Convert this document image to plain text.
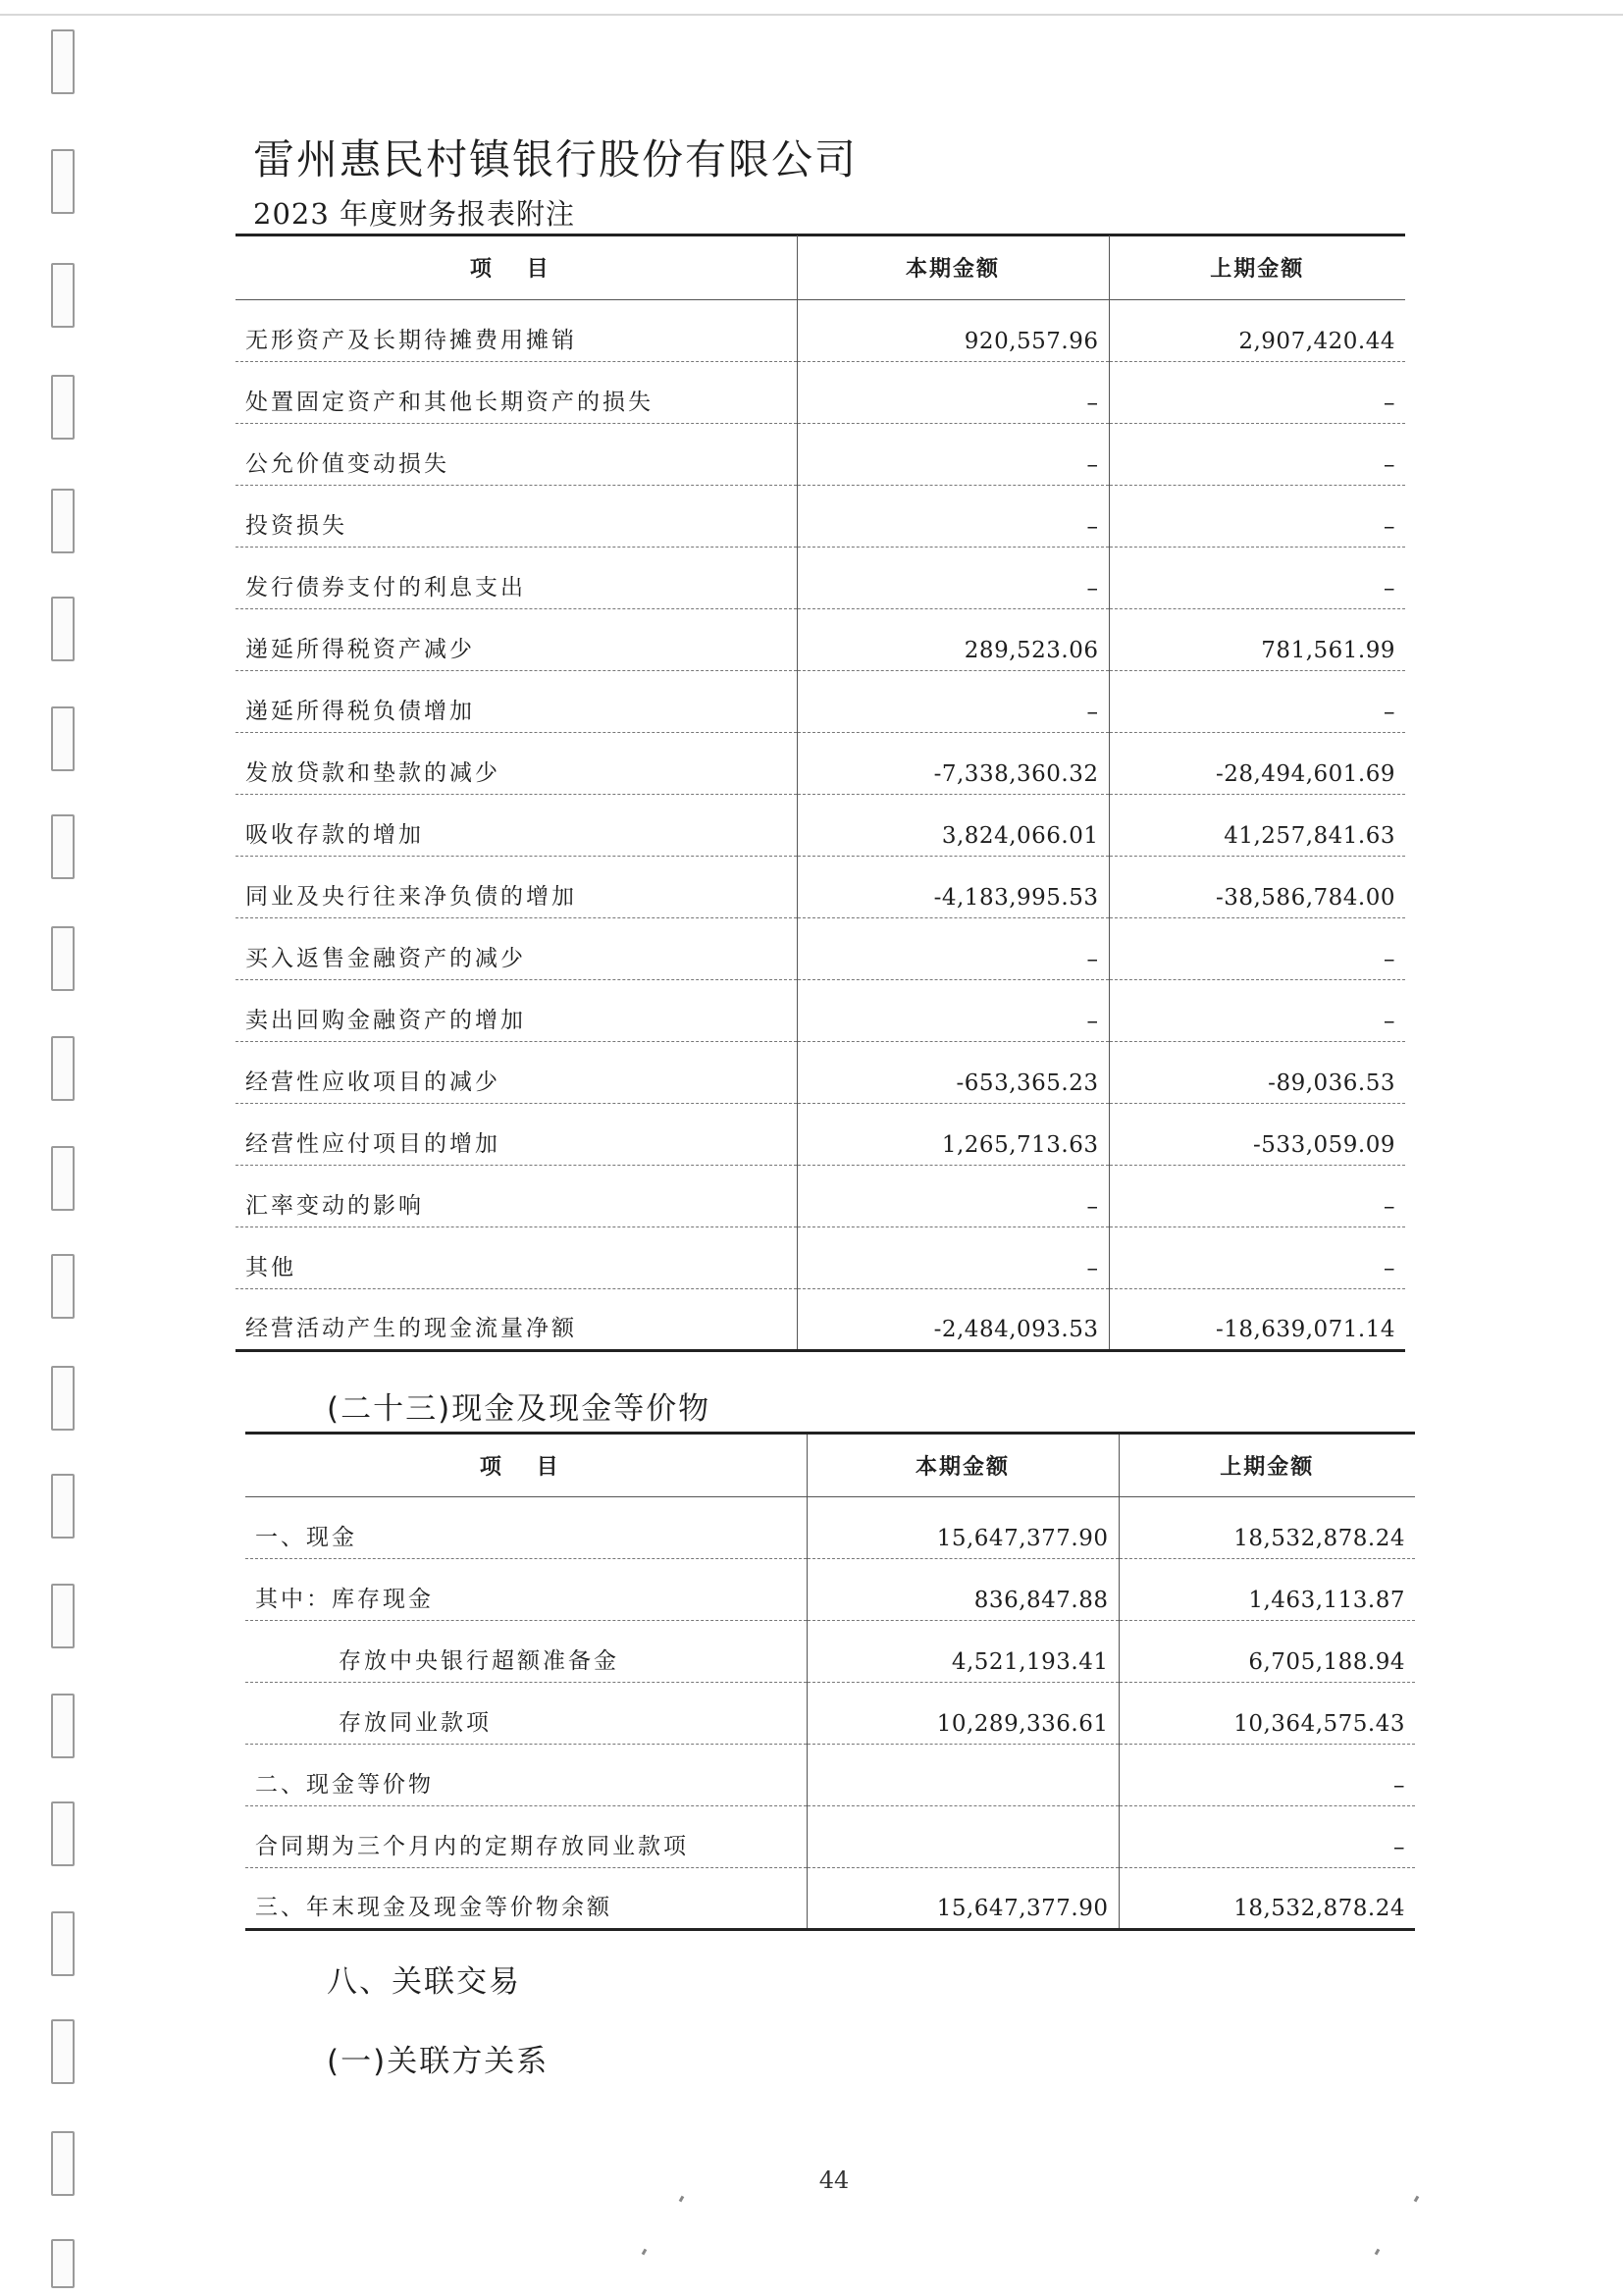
雷州惠民村镇银行股份有限公司
2023 年度财务报表附注
项 目	本期金额	上期金额
无形资产及长期待摊费用摊销	920,557.96	2,907,420.44
处置固定资产和其他长期资产的损失	–	–
公允价值变动损失	–	–
投资损失	–	–
发行债券支付的利息支出	–	–
递延所得税资产减少	289,523.06	781,561.99
递延所得税负债增加	–	–
发放贷款和垫款的减少	-7,338,360.32	-28,494,601.69
吸收存款的增加	3,824,066.01	41,257,841.63
同业及央行往来净负债的增加	-4,183,995.53	-38,586,784.00
买入返售金融资产的减少	–	–
卖出回购金融资产的增加	–	–
经营性应收项目的减少	-653,365.23	-89,036.53
经营性应付项目的增加	1,265,713.63	-533,059.09
汇率变动的影响	–	–
其他	–	–
经营活动产生的现金流量净额	-2,484,093.53	-18,639,071.14
(二十三)现金及现金等价物
项 目	本期金额	上期金额
一、现金	15,647,377.90	18,532,878.24
其中：库存现金	836,847.88	1,463,113.87
存放中央银行超额准备金	4,521,193.41	6,705,188.94
存放同业款项	10,289,336.61	10,364,575.43
二、现金等价物		–
合同期为三个月内的定期存放同业款项		–
三、年末现金及现金等价物余额	15,647,377.90	18,532,878.24
八、关联交易
(一)关联方关系
44
